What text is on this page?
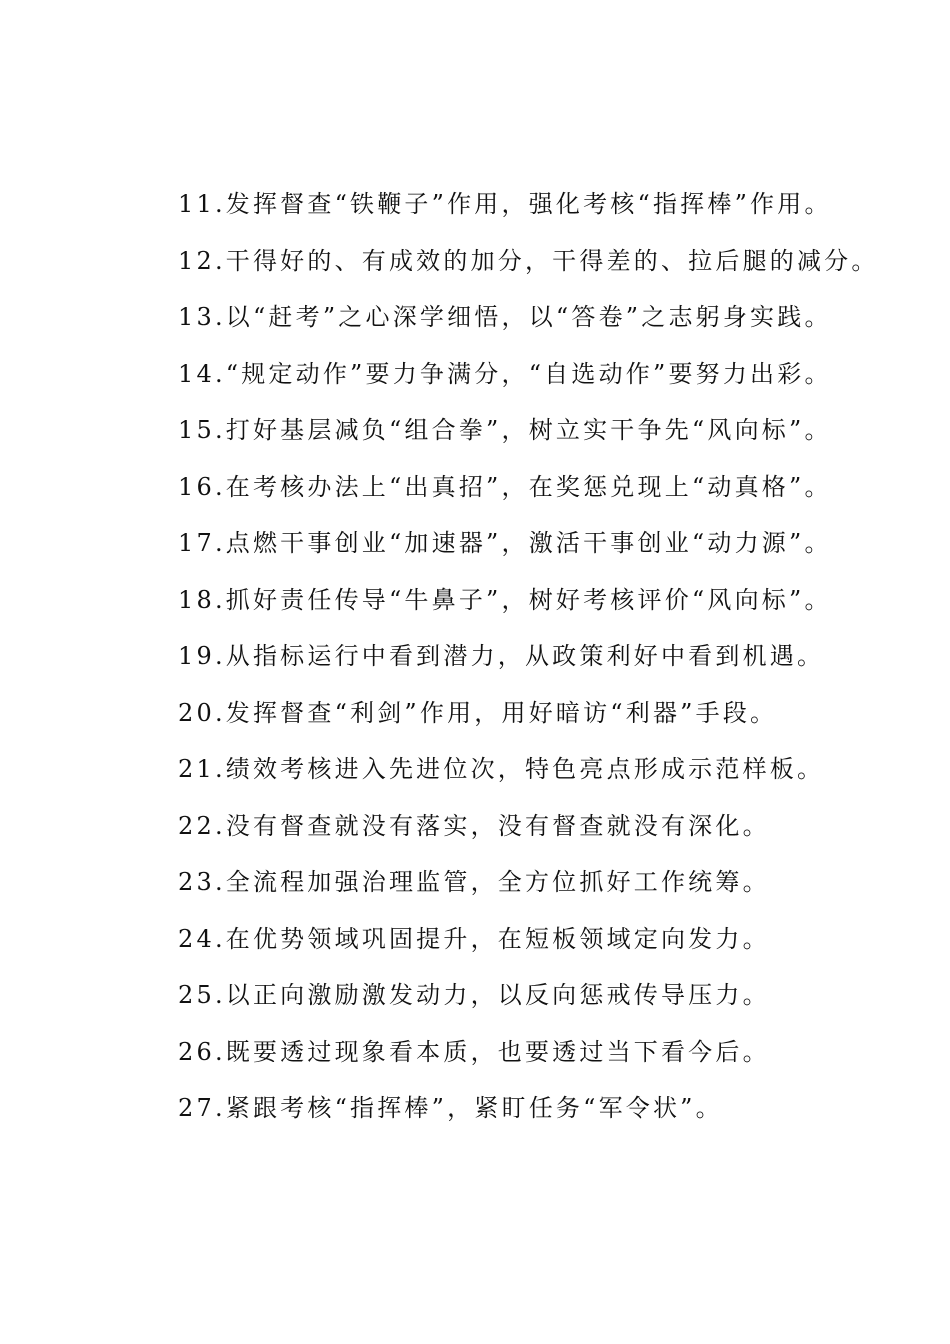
11.发挥督查“铁鞭子”作用，强化考核“指挥棒”作用。
12.干得好的、有成效的加分，干得差的、拉后腿的减分。
13.以“赶考”之心深学细悟，以“答卷”之志躬身实践。
14.“规定动作”要力争满分，“自选动作”要努力出彩。
15.打好基层减负“组合拳”，树立实干争先“风向标”。
16.在考核办法上“出真招”，在奖惩兑现上“动真格”。
17.点燃干事创业“加速器”，激活干事创业“动力源”。
18.抓好责任传导“牛鼻子”，树好考核评价“风向标”。
19.从指标运行中看到潜力，从政策利好中看到机遇。
20.发挥督查“利剑”作用，用好暗访“利器”手段。
21.绩效考核进入先进位次，特色亮点形成示范样板。
22.没有督查就没有落实，没有督查就没有深化。
23.全流程加强治理监管，全方位抓好工作统筹。
24.在优势领域巩固提升，在短板领域定向发力。
25.以正向激励激发动力，以反向惩戒传导压力。
26.既要透过现象看本质，也要透过当下看今后。
27.紧跟考核“指挥棒”，紧盯任务“军令状”。
